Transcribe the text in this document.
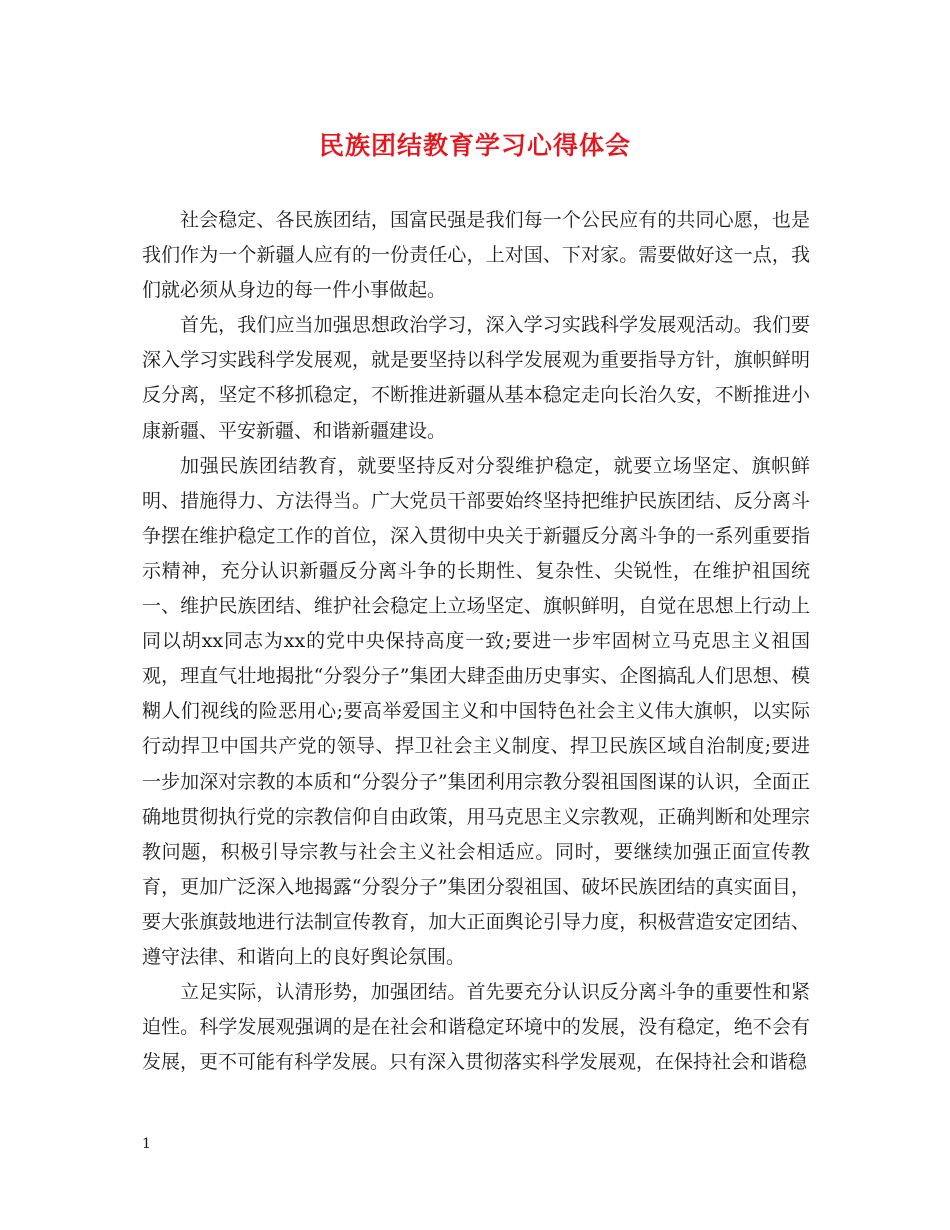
民族团结教育学习心得体会

社会稳定、各民族团结，国富民强是我们每一个公民应有的共同心愿，也是我们作为一个新疆人应有的一份责任心，上对国、下对家。需要做好这一点，我们就必须从身边的每一件小事做起。

首先，我们应当加强思想政治学习，深入学习实践科学发展观活动。我们要深入学习实践科学发展观，就是要坚持以科学发展观为重要指导方针，旗帜鲜明反分离，坚定不移抓稳定，不断推进新疆从基本稳定走向长治久安，不断推进小康新疆、平安新疆、和谐新疆建设。

加强民族团结教育，就要坚持反对分裂维护稳定，就要立场坚定、旗帜鲜明、措施得力、方法得当。广大党员干部要始终坚持把维护民族团结、反分离斗争摆在维护稳定工作的首位，深入贯彻中央关于新疆反分离斗争的一系列重要指示精神，充分认识新疆反分离斗争的长期性、复杂性、尖锐性，在维护祖国统一、维护民族团结、维护社会稳定上立场坚定、旗帜鲜明，自觉在思想上行动上同以胡xx同志为xx的党中央保持高度一致;要进一步牢固树立马克思主义祖国观，理直气壮地揭批“分裂分子”集团大肆歪曲历史事实、企图搞乱人们思想、模糊人们视线的险恶用心;要高举爱国主义和中国特色社会主义伟大旗帜，以实际行动捍卫中国共产党的领导、捍卫社会主义制度、捍卫民族区域自治制度;要进一步加深对宗教的本质和“分裂分子”集团利用宗教分裂祖国图谋的认识，全面正确地贯彻执行党的宗教信仰自由政策，用马克思主义宗教观，正确判断和处理宗教问题，积极引导宗教与社会主义社会相适应。同时，要继续加强正面宣传教育，更加广泛深入地揭露“分裂分子”集团分裂祖国、破坏民族团结的真实面目，要大张旗鼓地进行法制宣传教育，加大正面舆论引导力度，积极营造安定团结、遵守法律、和谐向上的良好舆论氛围。

立足实际，认清形势，加强团结。首先要充分认识反分离斗争的重要性和紧迫性。科学发展观强调的是在社会和谐稳定环境中的发展，没有稳定，绝不会有发展，更不可能有科学发展。只有深入贯彻落实科学发展观，在保持社会和谐稳

1
